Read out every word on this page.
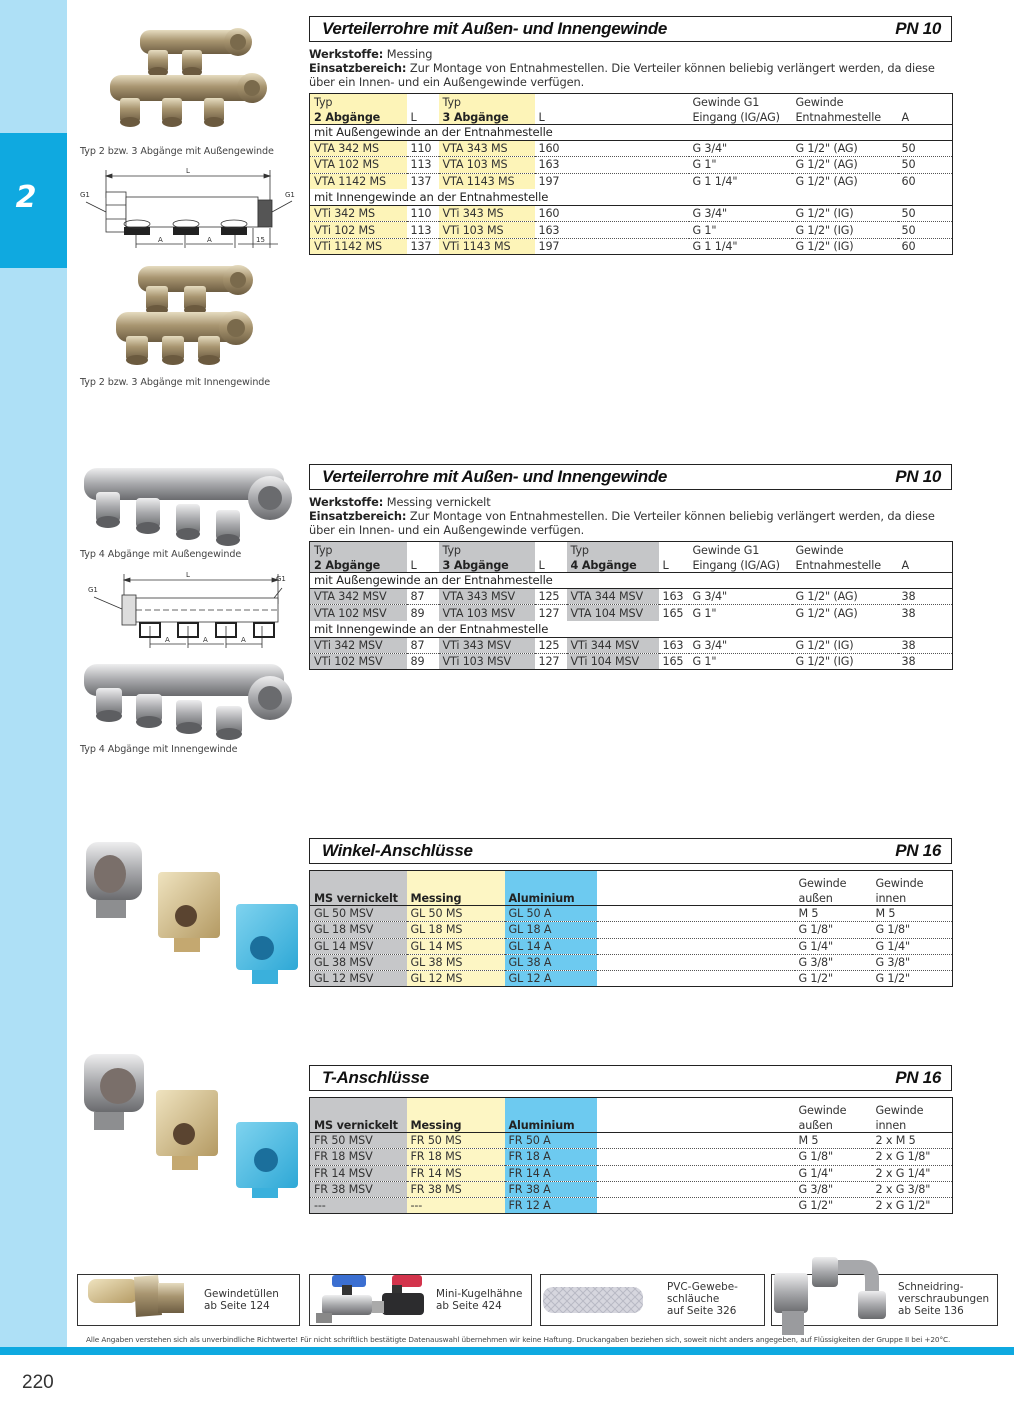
2
220
Typ 2 bzw. 3 Abgänge mit Außengewinde
L
G1	G1
A	A	15
Typ 2 bzw. 3 Abgänge mit Innengewinde
Verteilerrohre mit Außen- und Innengewinde	PN 10
Werkstoffe: Messing
Einsatzbereich: Zur Montage von Entnahmestellen. Die Verteiler können beliebig verlängert werden, da diese über ein Innen- und ein Außengewinde verfügen.
Typ		Typ		Gewinde G1	Gewinde	
2 Abgänge	L	3 Abgänge	L	Eingang (IG/AG)	Entnahmestelle	A
mit Außengewinde an der Entnahmestelle						
VTA 342 MS	110	VTA 343 MS	160	G 3/4"	G 1/2" (AG)	50
VTA 102 MS	113	VTA 103 MS	163	G 1"	G 1/2" (AG)	50
VTA 1142 MS	137	VTA 1143 MS	197	G 1 1/4"	G 1/2" (AG)	60
mit Innengewinde an der Entnahmestelle						
VTi 342 MS	110	VTi 343 MS	160	G 3/4"	G 1/2" (IG)	50
VTi 102 MS	113	VTi 103 MS	163	G 1"	G 1/2" (IG)	50
VTi 1142 MS	137	VTi 1143 MS	197	G 1 1/4"	G 1/2" (IG)	60
Typ 4 Abgänge mit Außengewinde
L
G1
G1
A	A	A
Typ 4 Abgänge mit Innengewinde
Verteilerrohre mit Außen- und Innengewinde	PN 10
Werkstoffe: Messing vernickelt
Einsatzbereich: Zur Montage von Entnahmestellen. Die Verteiler können beliebig verlängert werden, da diese über ein Innen- und ein Außengewinde verfügen.
Typ		Typ		Typ		Gewinde G1	Gewinde	
2 Abgänge	L	3 Abgänge	L	4 Abgänge	L	Eingang (IG/AG)	Entnahmestelle	A
mit Außengewinde an der Entnahmestelle								
VTA 342 MSV	87	VTA 343 MSV	125	VTA 344 MSV	163	G 3/4"	G 1/2" (AG)	38
VTA 102 MSV	89	VTA 103 MSV	127	VTA 104 MSV	165	G 1"	G 1/2" (AG)	38
mit Innengewinde an der Entnahmestelle								
VTi 342 MSV	87	VTi 343 MSV	125	VTi 344 MSV	163	G 3/4"	G 1/2" (IG)	38
VTi 102 MSV	89	VTi 103 MSV	127	VTi 104 MSV	165	G 1"	G 1/2" (IG)	38
Winkel-Anschlüsse	PN 16
				Gewinde	Gewinde
MS vernickelt	Messing	Aluminium		außen	innen
GL 50 MSV	GL 50 MS	GL 50 A		M 5	M 5
GL 18 MSV	GL 18 MS	GL 18 A		G 1/8"	G 1/8"
GL 14 MSV	GL 14 MS	GL 14 A		G 1/4"	G 1/4"
GL 38 MSV	GL 38 MS	GL 38 A		G 3/8"	G 3/8"
GL 12 MSV	GL 12 MS	GL 12 A		G 1/2"	G 1/2"
T-Anschlüsse	PN 16
				Gewinde	Gewinde
MS vernickelt	Messing	Aluminium		außen	innen
FR 50 MSV	FR 50 MS	FR 50 A		M 5	2 x M 5
FR 18 MSV	FR 18 MS	FR 18 A		G 1/8"	2 x G 1/8"
FR 14 MSV	FR 14 MS	FR 14 A		G 1/4"	2 x G 1/4"
FR 38 MSV	FR 38 MS	FR 38 A		G 3/8"	2 x G 3/8"
---	---	FR 12 A		G 1/2"	2 x G 1/2"
Gewindetüllen
ab Seite 124
Mini-Kugelhähne
ab Seite 424
PVC-Gewebe-
schläuche
auf Seite 326
Schneidring-
verschraubungen
ab Seite 136
Alle Angaben verstehen sich als unverbindliche Richtwerte! Für nicht schriftlich bestätigte Datenauswahl übernehmen wir keine Haftung. Druckangaben beziehen sich, soweit nicht anders angegeben, auf Flüssigkeiten der Gruppe II bei +20°C.
